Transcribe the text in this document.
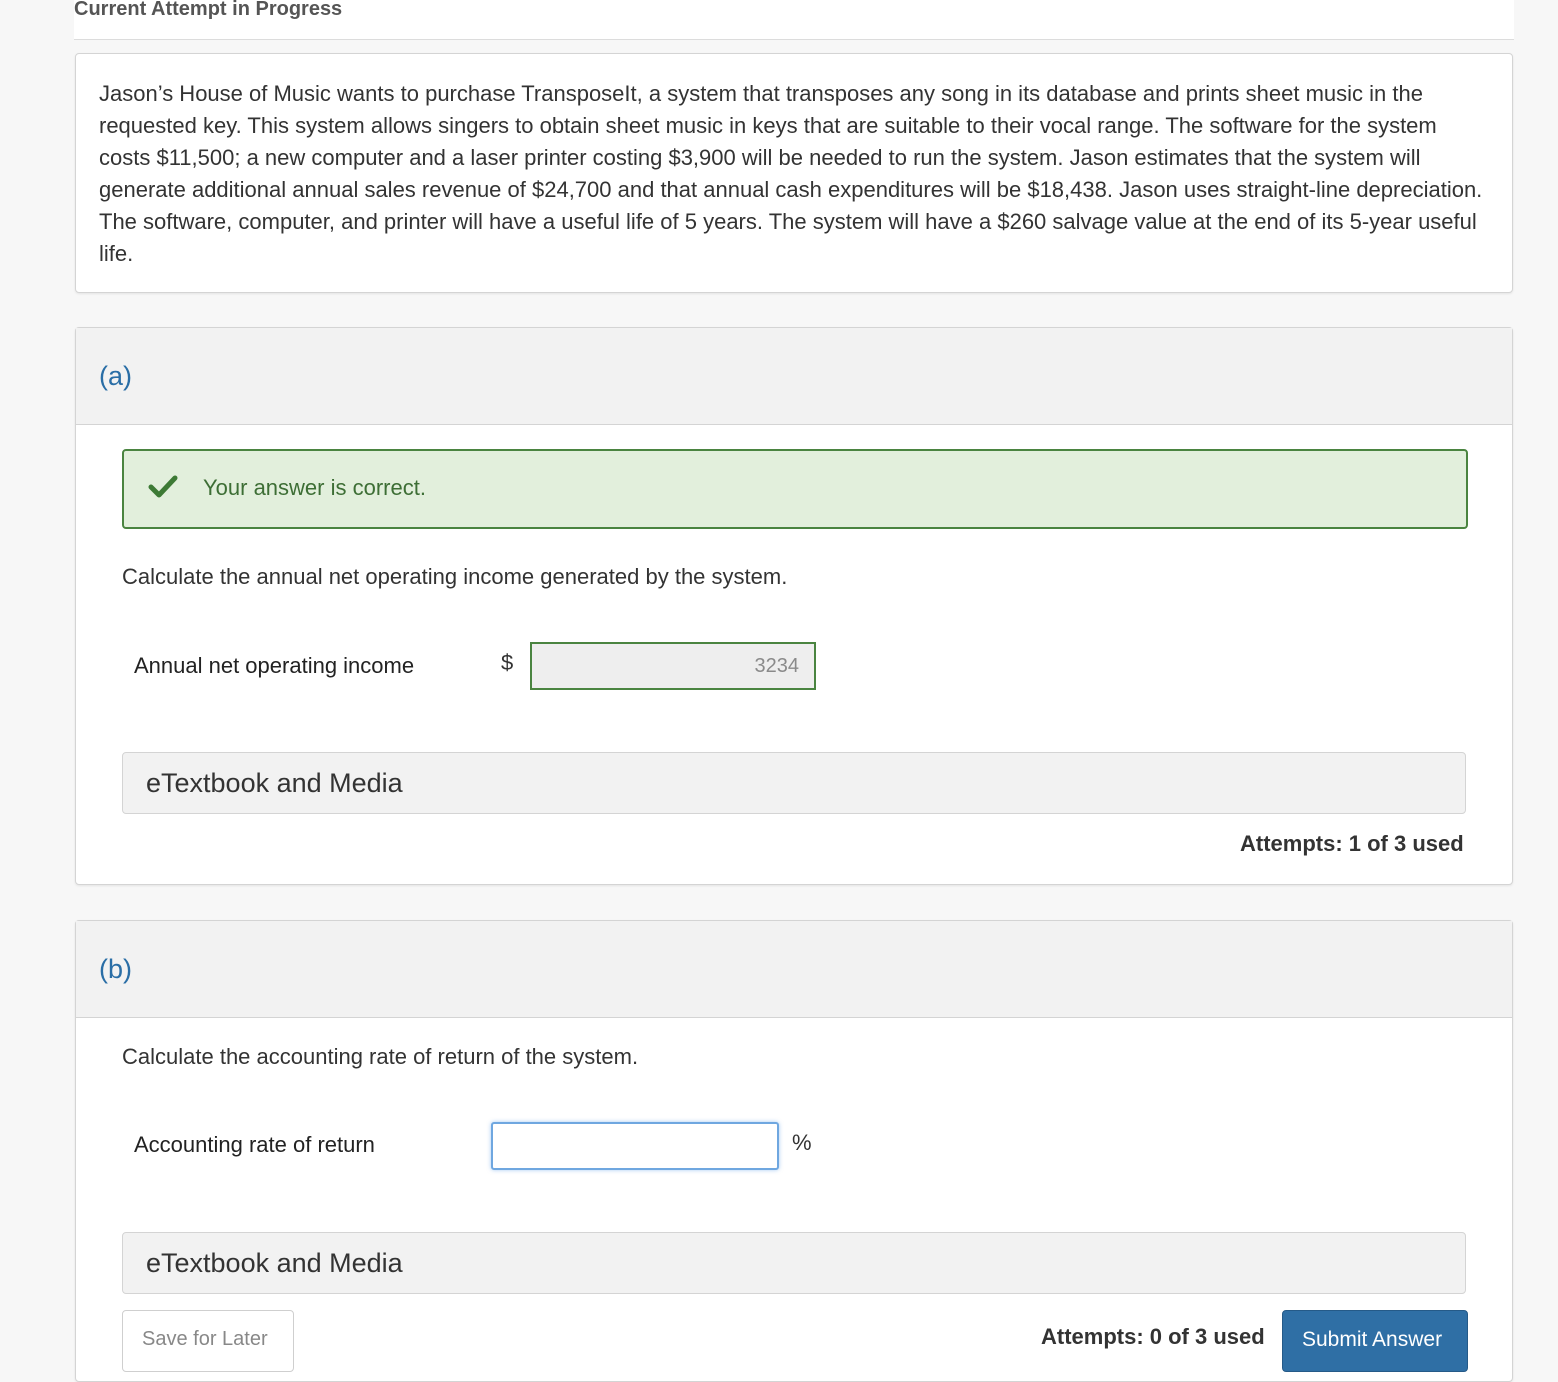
Current Attempt in Progress

Jason’s House of Music wants to purchase TransposeIt, a system that transposes any song in its database and prints sheet music in the requested key. This system allows singers to obtain sheet music in keys that are suitable to their vocal range. The software for the system costs $11,500; a new computer and a laser printer costing $3,900 will be needed to run the system. Jason estimates that the system will generate additional annual sales revenue of $24,700 and that annual cash expenditures will be $18,438. Jason uses straight-line depreciation. The software, computer, and printer will have a useful life of 5 years. The system will have a $260 salvage value at the end of its 5-year useful life.

(a)
Your answer is correct.
Calculate the annual net operating income generated by the system.
Annual net operating income	$	3234
eTextbook and Media
Attempts: 1 of 3 used
(b)
Calculate the accounting rate of return of the system.
Accounting rate of return	%
eTextbook and Media
Save for Later	Attempts: 0 of 3 used Submit Answer
